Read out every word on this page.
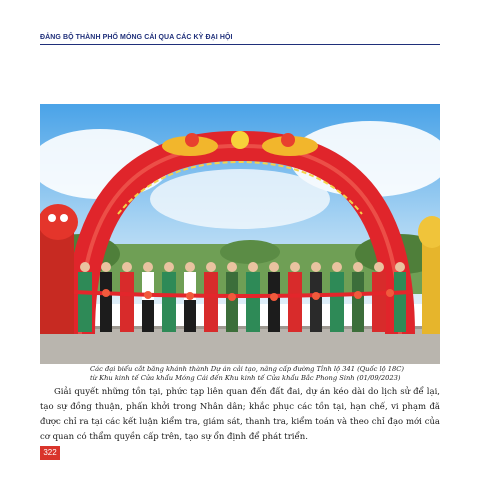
ĐẢNG BỘ THÀNH PHỐ MÓNG CÁI QUA CÁC KỲ ĐẠI HỘI
Các đại biểu cắt băng khánh thành Dự án cải tạo, nâng cấp đường Tỉnh lộ 341 (Quốc lộ 18C)
từ Khu kinh tế Cửa khẩu Móng Cái đến Khu kinh tế Cửa khẩu Bắc Phong Sinh (01/09/2023)
Giải quyết những tồn tại, phức tạp liên quan đến đất đai, dự án kéo dài do lịch sử để lại, tạo sự đồng thuận, phấn khởi trong Nhân dân; khắc phục các tồn tại, hạn chế, vi phạm đã được chỉ ra tại các kết luận kiểm tra, giám sát, thanh tra, kiểm toán và theo chỉ đạo mới của cơ quan có thẩm quyền cấp trên, tạo sự ổn định để phát triển.
322
